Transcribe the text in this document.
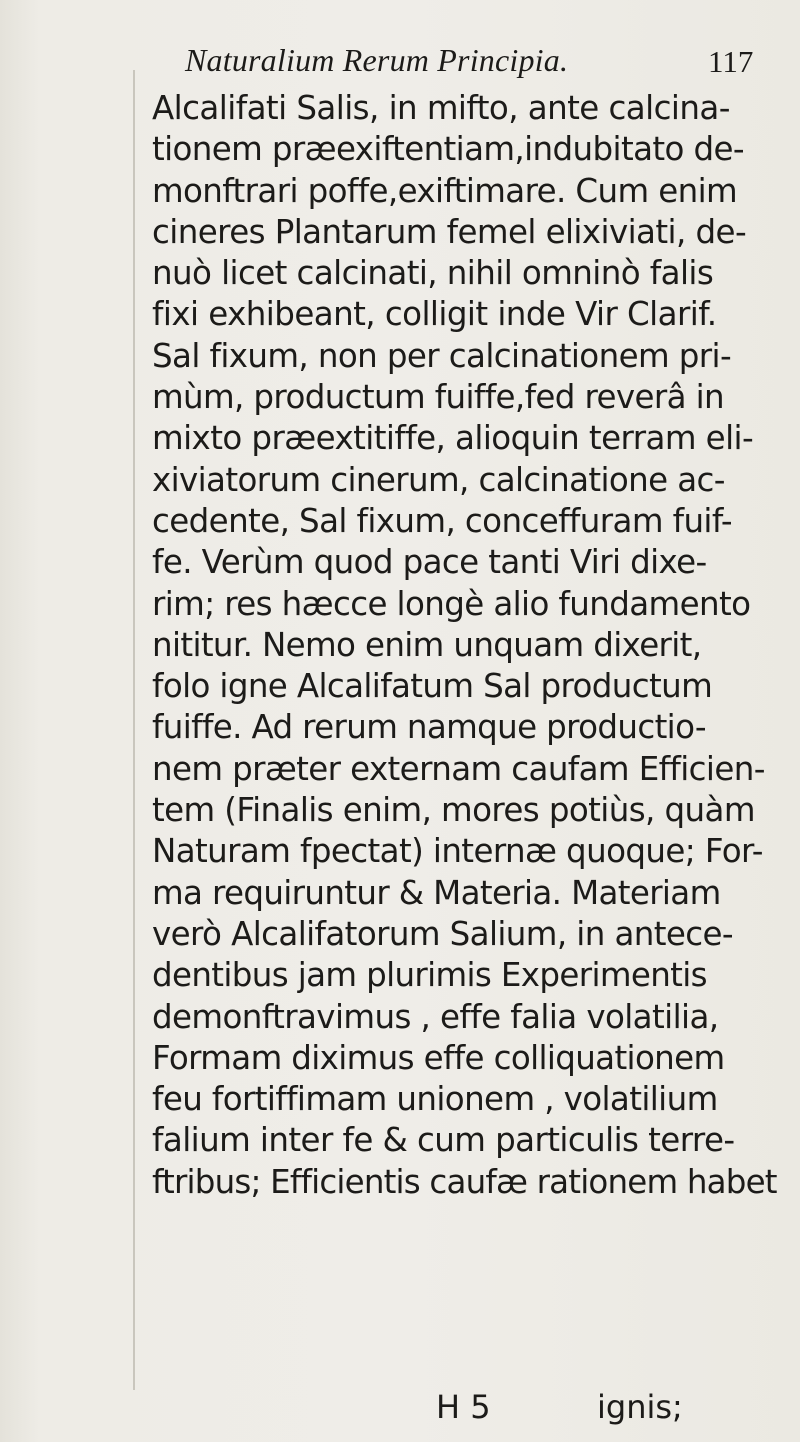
Naturalium Rerum Principia.	117
Alcalifati Salis, in mifto, ante calcina-
tionem præexiftentiam,indubitato de-
monftrari poffe,exiftimare. Cum enim
cineres Plantarum femel elixiviati, de-
nuò licet calcinati, nihil omninò falis
fixi exhibeant, colligit inde Vir Clarif.
Sal fixum, non per calcinationem pri-
mùm, productum fuiffe,fed reverâ in
mixto præextitiffe, alioquin terram eli-
xiviatorum cinerum, calcinatione ac-
cedente, Sal fixum, conceffuram fuif-
fe. Verùm quod pace tanti Viri dixe-
rim; res hæcce longè alio fundamento
nititur. Nemo enim unquam dixerit,
folo igne Alcalifatum Sal productum
fuiffe. Ad rerum namque productio-
nem præter externam caufam Efficien-
tem (Finalis enim, mores potiùs, quàm
Naturam fpectat) internæ quoque; For-
ma requiruntur & Materia. Materiam
verò Alcalifatorum Salium, in antece-
dentibus jam plurimis Experimentis
demonftravimus , effe falia volatilia,
Formam diximus effe colliquationem
feu fortiffimam unionem , volatilium
falium inter fe & cum particulis terre-
ftribus; Efficientis caufæ rationem habet
H 5	ignis;
